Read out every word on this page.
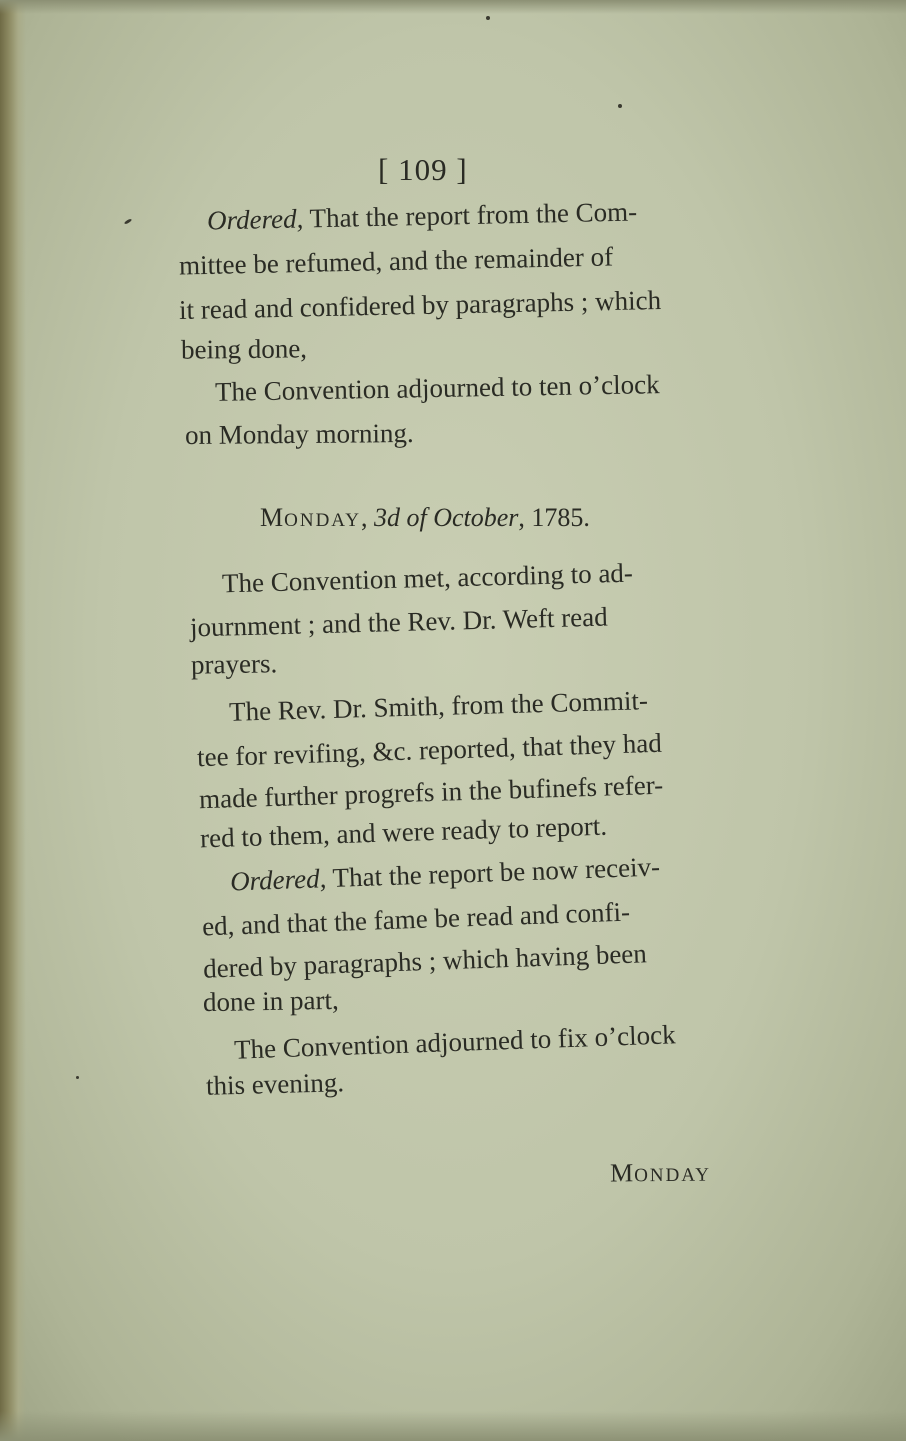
[ 109 ]
Ordered, That the report from the Com-
mittee be refumed, and the remainder of
it read and confidered by paragraphs ; which
being done,
The Convention adjourned to ten o’clock
on Monday morning.
MONDAY, 3d of October, 1785.
The Convention met, according to ad-
journment ; and the Rev. Dr. Weft read
prayers.
The Rev. Dr. Smith, from the Commit-
tee for revifing, &c. reported, that they had
made further progrefs in the bufinefs refer-
red to them, and were ready to report.
Ordered, That the report be now receiv-
ed, and that the fame be read and confi-
dered by paragraphs ; which having been
done in part,
The Convention adjourned to fix o’clock
this evening.
MONDAY
